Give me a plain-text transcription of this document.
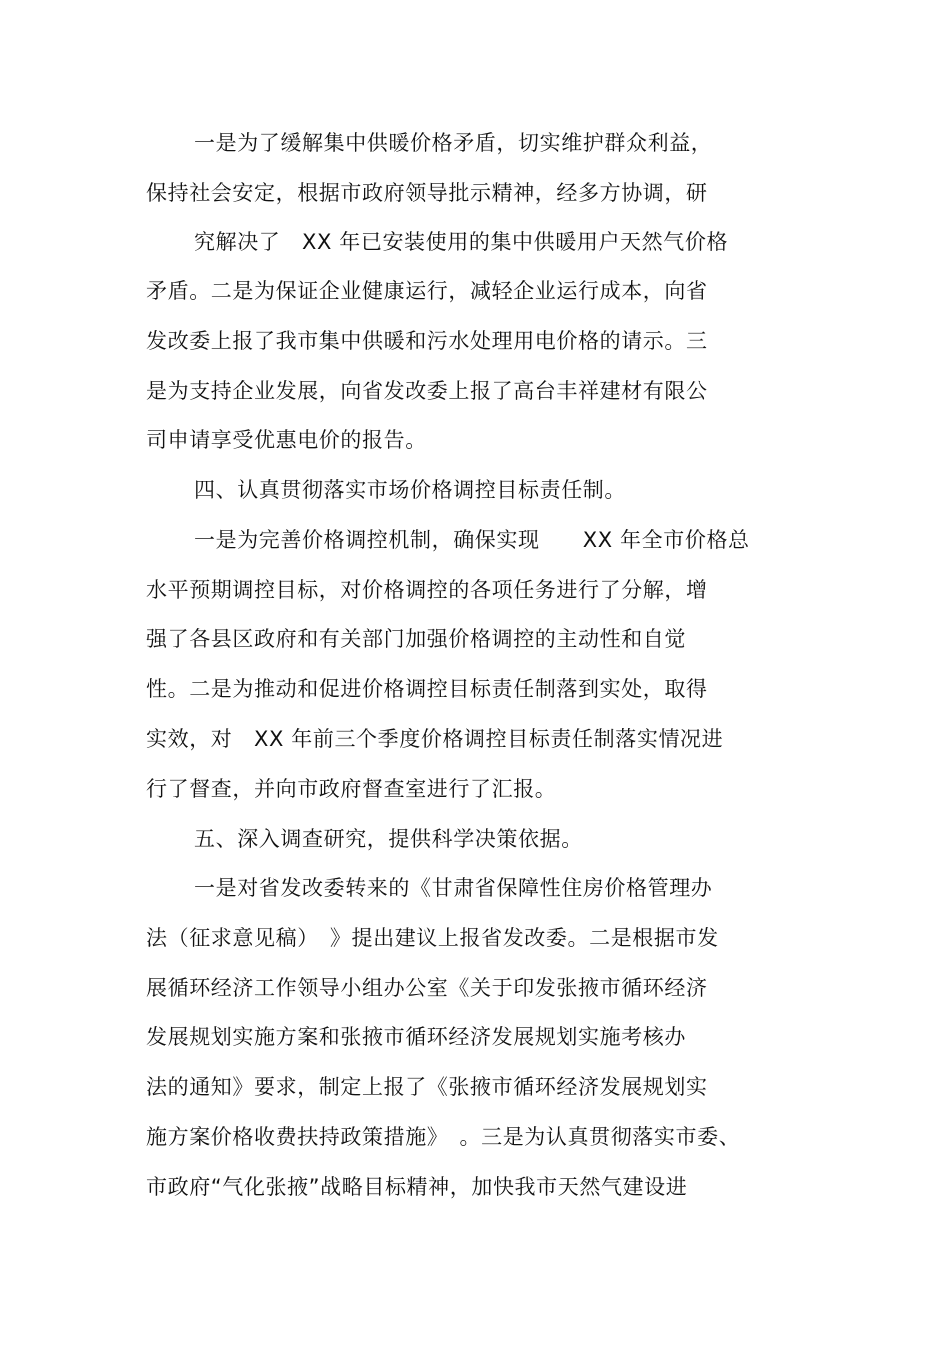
一是为了缓解集中供暖价格矛盾，切实维护群众利益，
保持社会安定，根据市政府领导批示精神，经多方协调，研
究解决了　XX 年已安装使用的集中供暖用户天然气价格
矛盾。二是为保证企业健康运行，减轻企业运行成本，向省
发改委上报了我市集中供暖和污水处理用电价格的请示。三
是为支持企业发展，向省发改委上报了高台丰祥建材有限公
司申请享受优惠电价的报告。
四、认真贯彻落实市场价格调控目标责任制。
一是为完善价格调控机制，确保实现　　XX 年全市价格总
水平预期调控目标，对价格调控的各项任务进行了分解，增
强了各县区政府和有关部门加强价格调控的主动性和自觉
性。二是为推动和促进价格调控目标责任制落到实处，取得
实效，对　XX 年前三个季度价格调控目标责任制落实情况进
行了督查，并向市政府督查室进行了汇报。
五、深入调查研究，提供科学决策依据。
一是对省发改委转来的《甘肃省保障性住房价格管理办
法（征求意见稿）　》提出建议上报省发改委。二是根据市发
展循环经济工作领导小组办公室《关于印发张掖市循环经济
发展规划实施方案和张掖市循环经济发展规划实施考核办
法的通知》要求，制定上报了《张掖市循环经济发展规划实
施方案价格收费扶持政策措施》　。三是为认真贯彻落实市委、
市政府“气化张掖”战略目标精神，加快我市天然气建设进
